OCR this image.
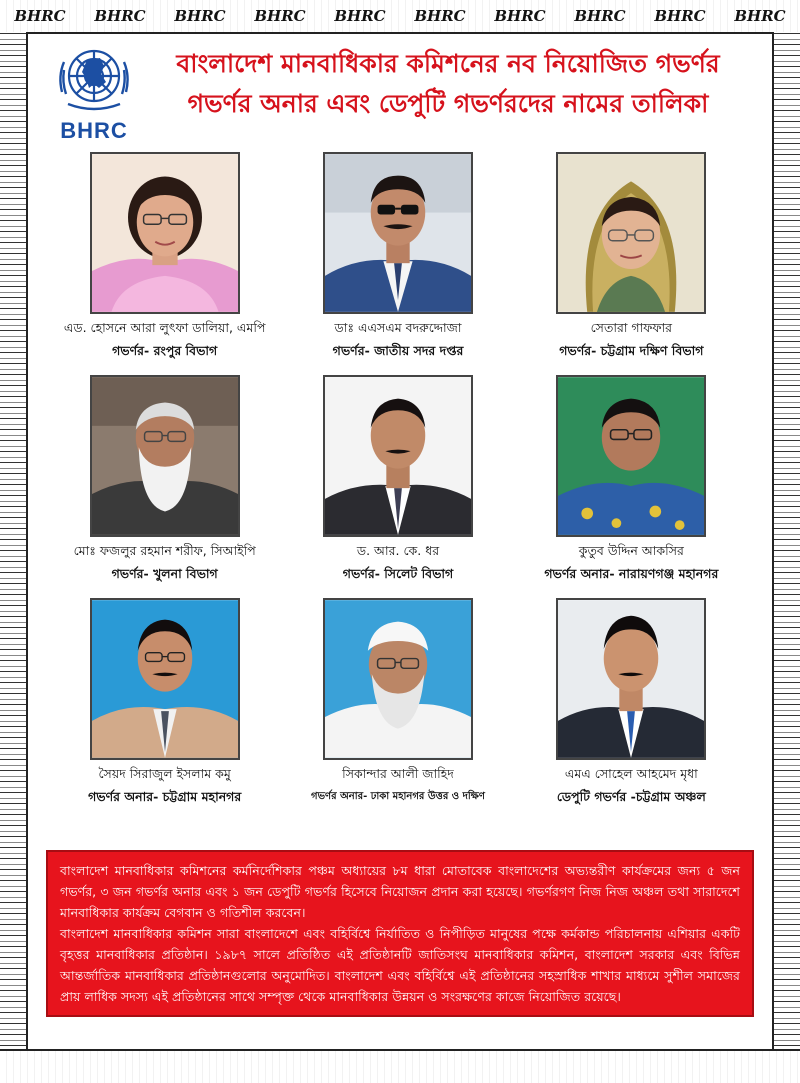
BHRC BHRC BHRC BHRC BHRC BHRC BHRC BHRC BHRC BHRC
BHRC
বাংলাদেশ মানবাধিকার কমিশনের নব নিয়োজিত গভর্ণর
গভর্ণর অনার এবং ডেপুটি গভর্ণরদের নামের তালিকা
এড. হোসনে আরা লুৎফা ডালিয়া, এমপি
গভর্ণর- রংপুর বিভাগ
ডাঃ এএসএম বদরুদ্দোজা
গভর্ণর- জাতীয় সদর দপ্তর
সেতারা গাফফার
গভর্ণর- চট্টগ্রাম দক্ষিণ বিভাগ
মোঃ ফজলুর রহমান শরীফ, সিআইপি
গভর্ণর- খুলনা বিভাগ
ড. আর. কে. ধর
গভর্ণর- সিলেট বিভাগ
কুতুব উদ্দিন আকসির
গভর্ণর অনার- নারায়ণগঞ্জ মহানগর
সৈয়দ সিরাজুল ইসলাম কমু
গভর্ণর অনার- চট্টগ্রাম মহানগর
সিকান্দার আলী জাহিদ
গভর্ণর অনার- ঢাকা মহানগর উত্তর ও দক্ষিণ
এমএ সোহেল আহমেদ মৃধা
ডেপুটি গভর্ণর -চট্টগ্রাম অঞ্চল

বাংলাদেশ মানবাধিকার কমিশনের কর্মনির্দেশিকার পঞ্চম অধ্যায়ের ৮ম ধারা মোতাবেক বাংলাদেশের অভ্যন্তরীণ কার্যক্রমের জন্য ৫ জন গভর্ণর, ৩ জন গভর্ণর অনার এবং ১ জন ডেপুটি গভর্ণর হিসেবে নিয়োজন প্রদান করা হয়েছে। গভর্ণরগণ নিজ নিজ অঞ্চল তথা সারাদেশে মানবাধিকার কার্যক্রম বেগবান ও গতিশীল করবেন।

বাংলাদেশ মানবাধিকার কমিশন সারা বাংলাদেশে এবং বহির্বিশ্বে নির্যাতিত ও নিপীড়িত মানুষের পক্ষে কর্মকান্ড পরিচালনায় এশিয়ার একটি বৃহত্তর মানবাধিকার প্রতিষ্ঠান। ১৯৮৭ সালে প্রতিষ্ঠিত এই প্রতিষ্ঠানটি জাতিসংঘ মানবাধিকার কমিশন, বাংলাদেশ সরকার এবং বিভিন্ন আন্তর্জাতিক মানবাধিকার প্রতিষ্ঠানগুলোর অনুমোদিত। বাংলাদেশ এবং বহির্বিশ্বে এই প্রতিষ্ঠানের সহস্রাধিক শাখার মাধ্যমে সুশীল সমাজের প্রায় লাধিক সদস্য এই প্রতিষ্ঠানের সাথে সম্পৃক্ত থেকে মানবাধিকার উন্নয়ন ও সংরক্ষণের কাজে নিয়োজিত রয়েছে।
